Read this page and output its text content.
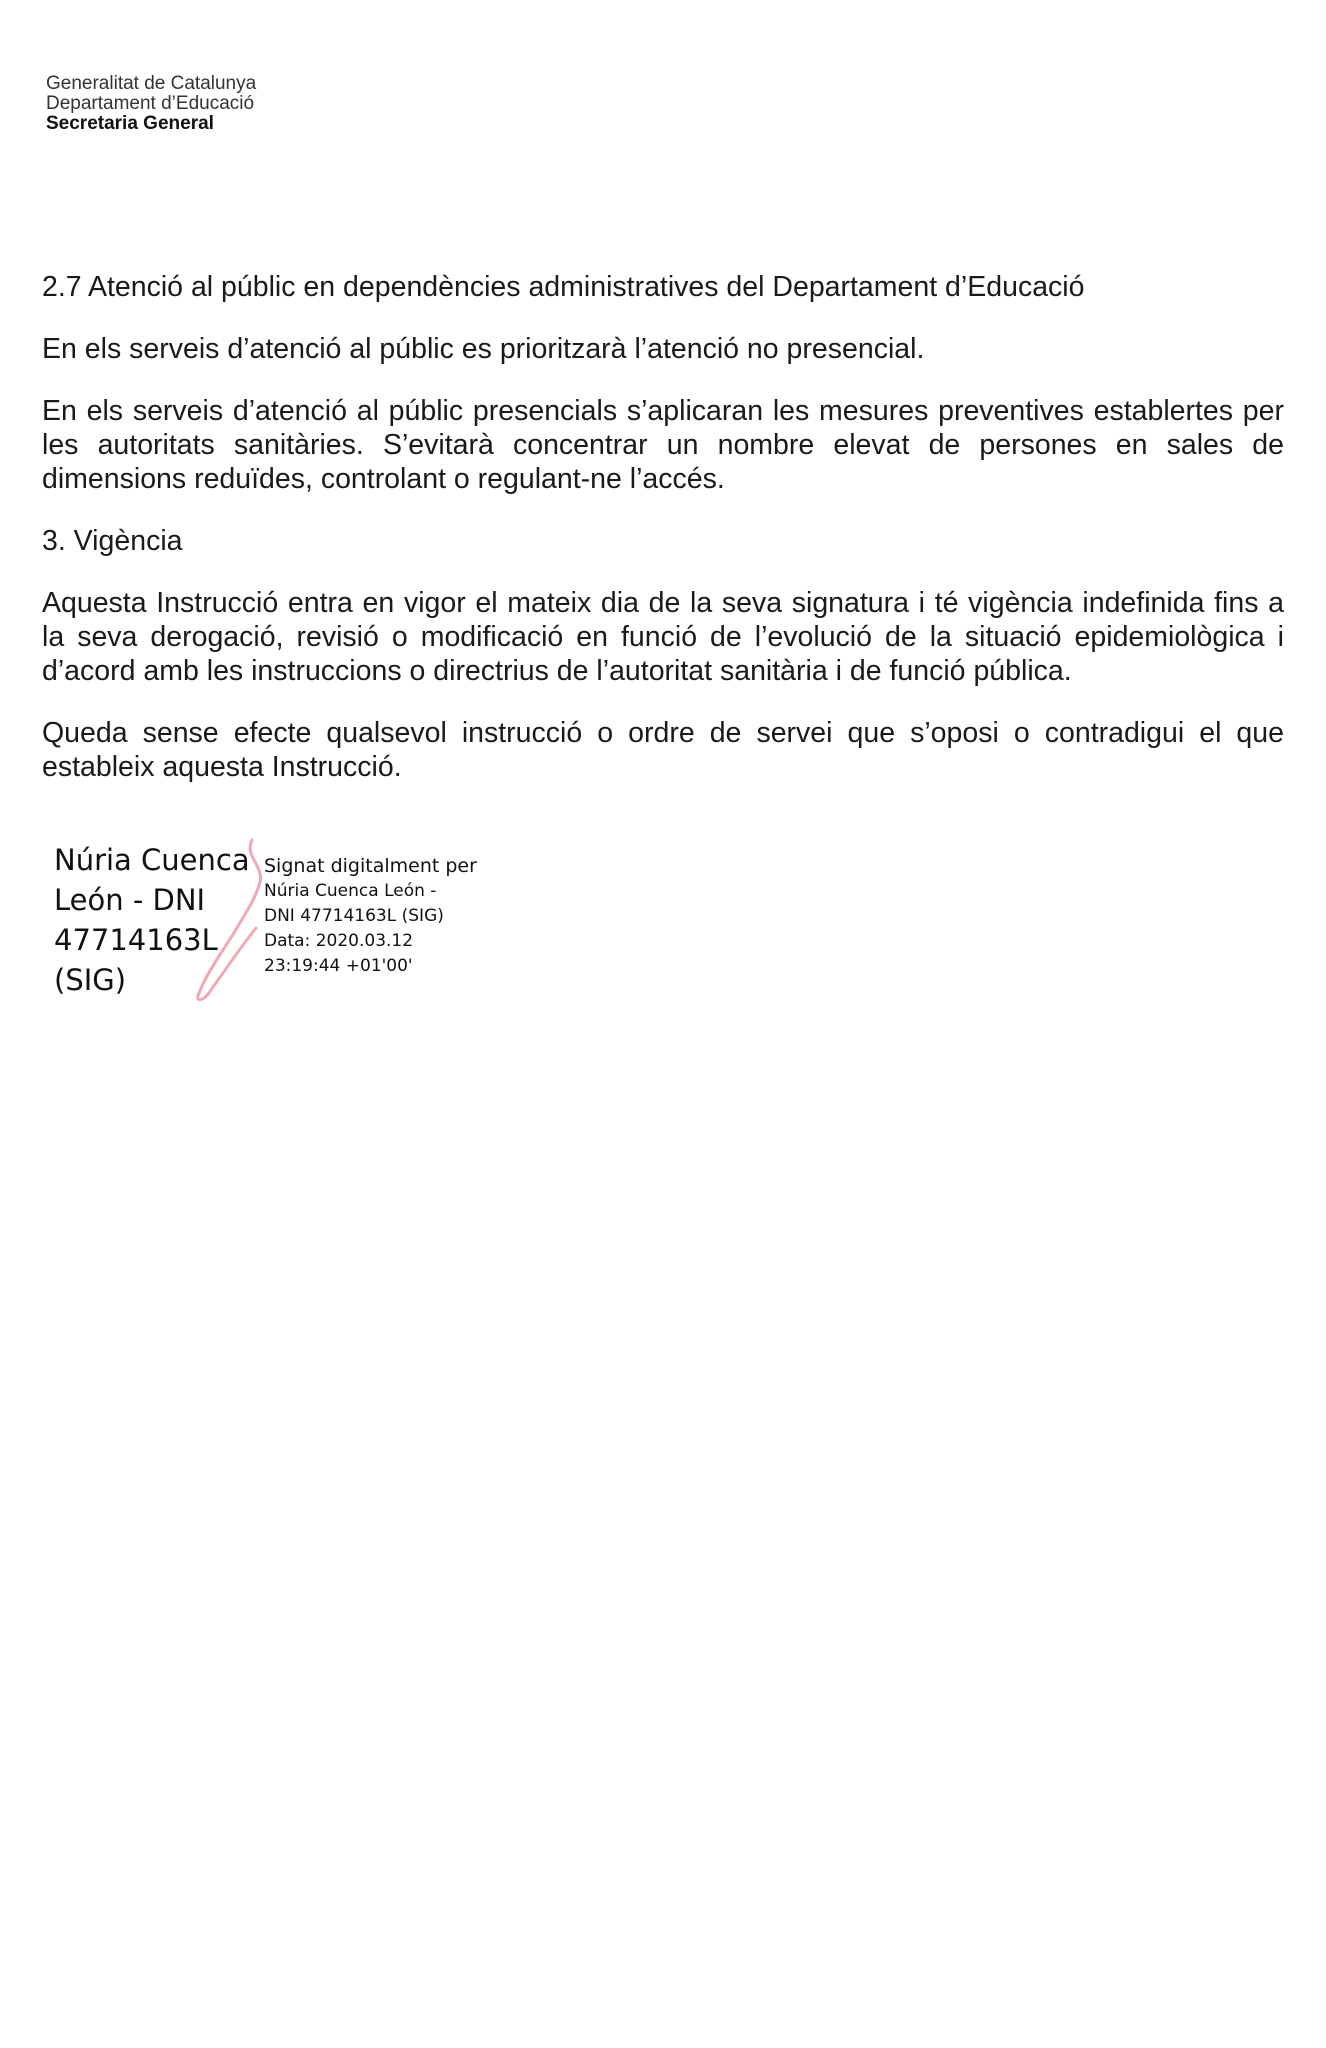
Generalitat de Catalunya
Departament d’Educació
Secretaria General

2.7 Atenció al públic en dependències administratives del Departament d’Educació

En els serveis d’atenció al públic es prioritzarà l’atenció no presencial.

En els serveis d’atenció al públic presencials s’aplicaran les mesures preventives establertes per les autoritats sanitàries. S’evitarà concentrar un nombre elevat de persones en sales de dimensions reduïdes, controlant o regulant-ne l’accés.

3. Vigència

Aquesta Instrucció entra en vigor el mateix dia de la seva signatura i té vigència indefinida fins a la seva derogació, revisió o modificació en funció de l’evolució de la situació epidemiològica i d’acord amb les instruccions o directrius de l’autoritat sanitària i de funció pública.

Queda sense efecte qualsevol instrucció o ordre de servei que s’oposi o contradigui el que estableix aquesta Instrucció.

Núria Cuenca
León - DNI
47714163L
(SIG)
Signat digitalment per
Núria Cuenca León -
DNI 47714163L (SIG)
Data: 2020.03.12
23:19:44 +01'00'
